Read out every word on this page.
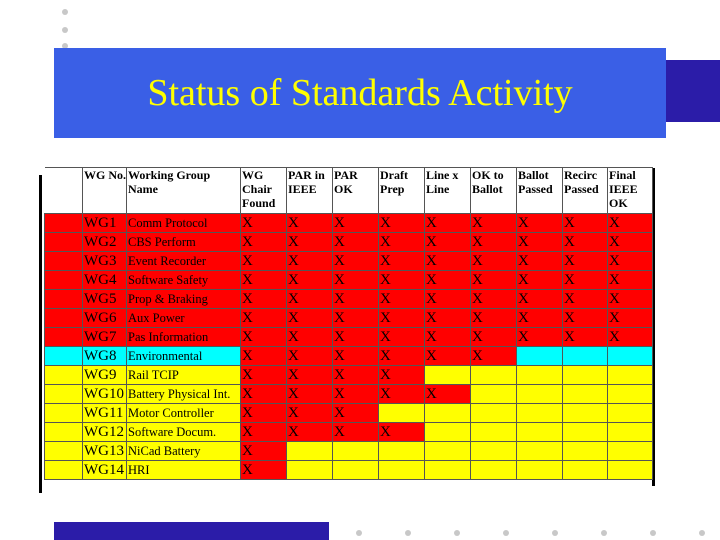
Status of Standards Activity
	WG No.	Working Group Name	WG Chair Found	PAR in IEEE	PAR OK	Draft Prep	Line x Line	OK to Ballot	Ballot Passed	Recirc Passed	Final IEEE OK
	WG1	Comm Protocol	X	X	X	X	X	X	X	X	X
	WG2	CBS Perform	X	X	X	X	X	X	X	X	X
	WG3	Event Recorder	X	X	X	X	X	X	X	X	X
	WG4	Software Safety	X	X	X	X	X	X	X	X	X
	WG5	Prop & Braking	X	X	X	X	X	X	X	X	X
	WG6	Aux Power	X	X	X	X	X	X	X	X	X
	WG7	Pas Information	X	X	X	X	X	X	X	X	X
	WG8	Environmental	X	X	X	X	X	X			
	WG9	Rail TCIP	X	X	X	X					
	WG10	Battery Physical Int.	X	X	X	X	X				
	WG11	Motor Controller	X	X	X						
	WG12	Software Docum.	X	X	X	X					
	WG13	NiCad Battery	X								
	WG14	HRI	X								
